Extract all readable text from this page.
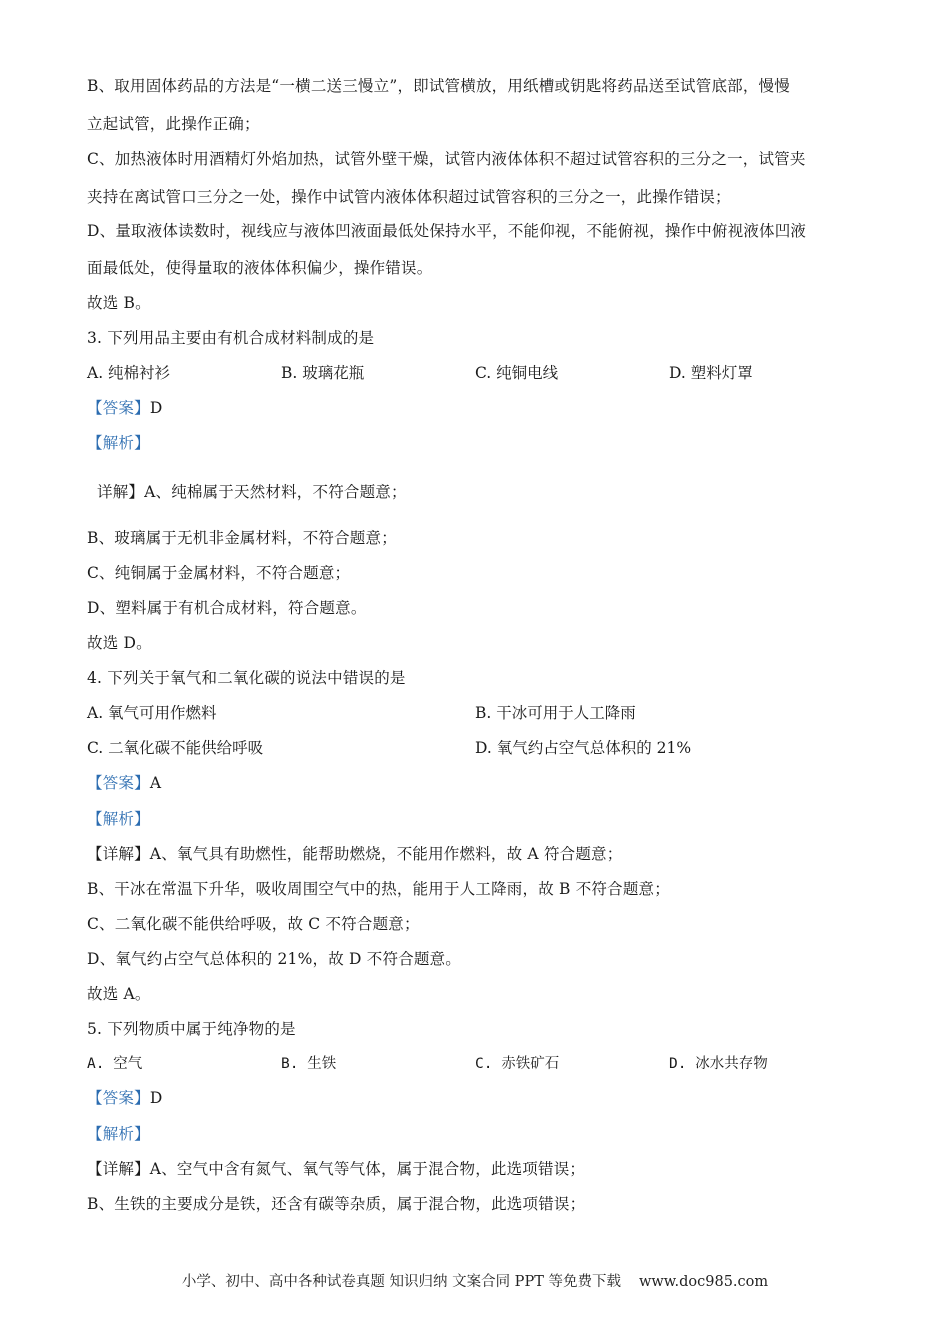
B、取用固体药品的方法是“一横二送三慢立”，即试管横放，用纸槽或钥匙将药品送至试管底部，慢慢
立起试管，此操作正确；
C、加热液体时用酒精灯外焰加热，试管外壁干燥，试管内液体体积不超过试管容积的三分之一，试管夹
夹持在离试管口三分之一处，操作中试管内液体体积超过试管容积的三分之一，此操作错误；
D、量取液体读数时，视线应与液体凹液面最低处保持水平，不能仰视，不能俯视，操作中俯视液体凹液
面最低处，使得量取的液体体积偏少，操作错误。
故选 B。
3. 下列用品主要由有机合成材料制成的是
A. 纯棉衬衫	B. 玻璃花瓶	C. 纯铜电线	D. 塑料灯罩
【答案】D
【解析】
详解】A、纯棉属于天然材料，不符合题意；
B、玻璃属于无机非金属材料，不符合题意；
C、纯铜属于金属材料，不符合题意；
D、塑料属于有机合成材料，符合题意。
故选 D。
4. 下列关于氧气和二氧化碳的说法中错误的是
A. 氧气可用作燃料	B. 干冰可用于人工降雨
C. 二氧化碳不能供给呼吸	D. 氧气约占空气总体积的 21%
【答案】A
【解析】
【详解】A、氧气具有助燃性，能帮助燃烧，不能用作燃料，故 A 符合题意；
B、干冰在常温下升华，吸收周围空气中的热，能用于人工降雨，故 B 不符合题意；
C、二氧化碳不能供给呼吸，故 C 不符合题意；
D、氧气约占空气总体积的 21%，故 D 不符合题意。
故选 A。
5. 下列物质中属于纯净物的是
A. 空气	B. 生铁	C. 赤铁矿石	D. 冰水共存物
【答案】D
【解析】
【详解】A、空气中含有氮气、氧气等气体，属于混合物，此选项错误；
B、生铁的主要成分是铁，还含有碳等杂质，属于混合物，此选项错误；
小学、初中、高中各种试卷真题 知识归纳 文案合同 PPT 等免费下载 www.doc985.com
